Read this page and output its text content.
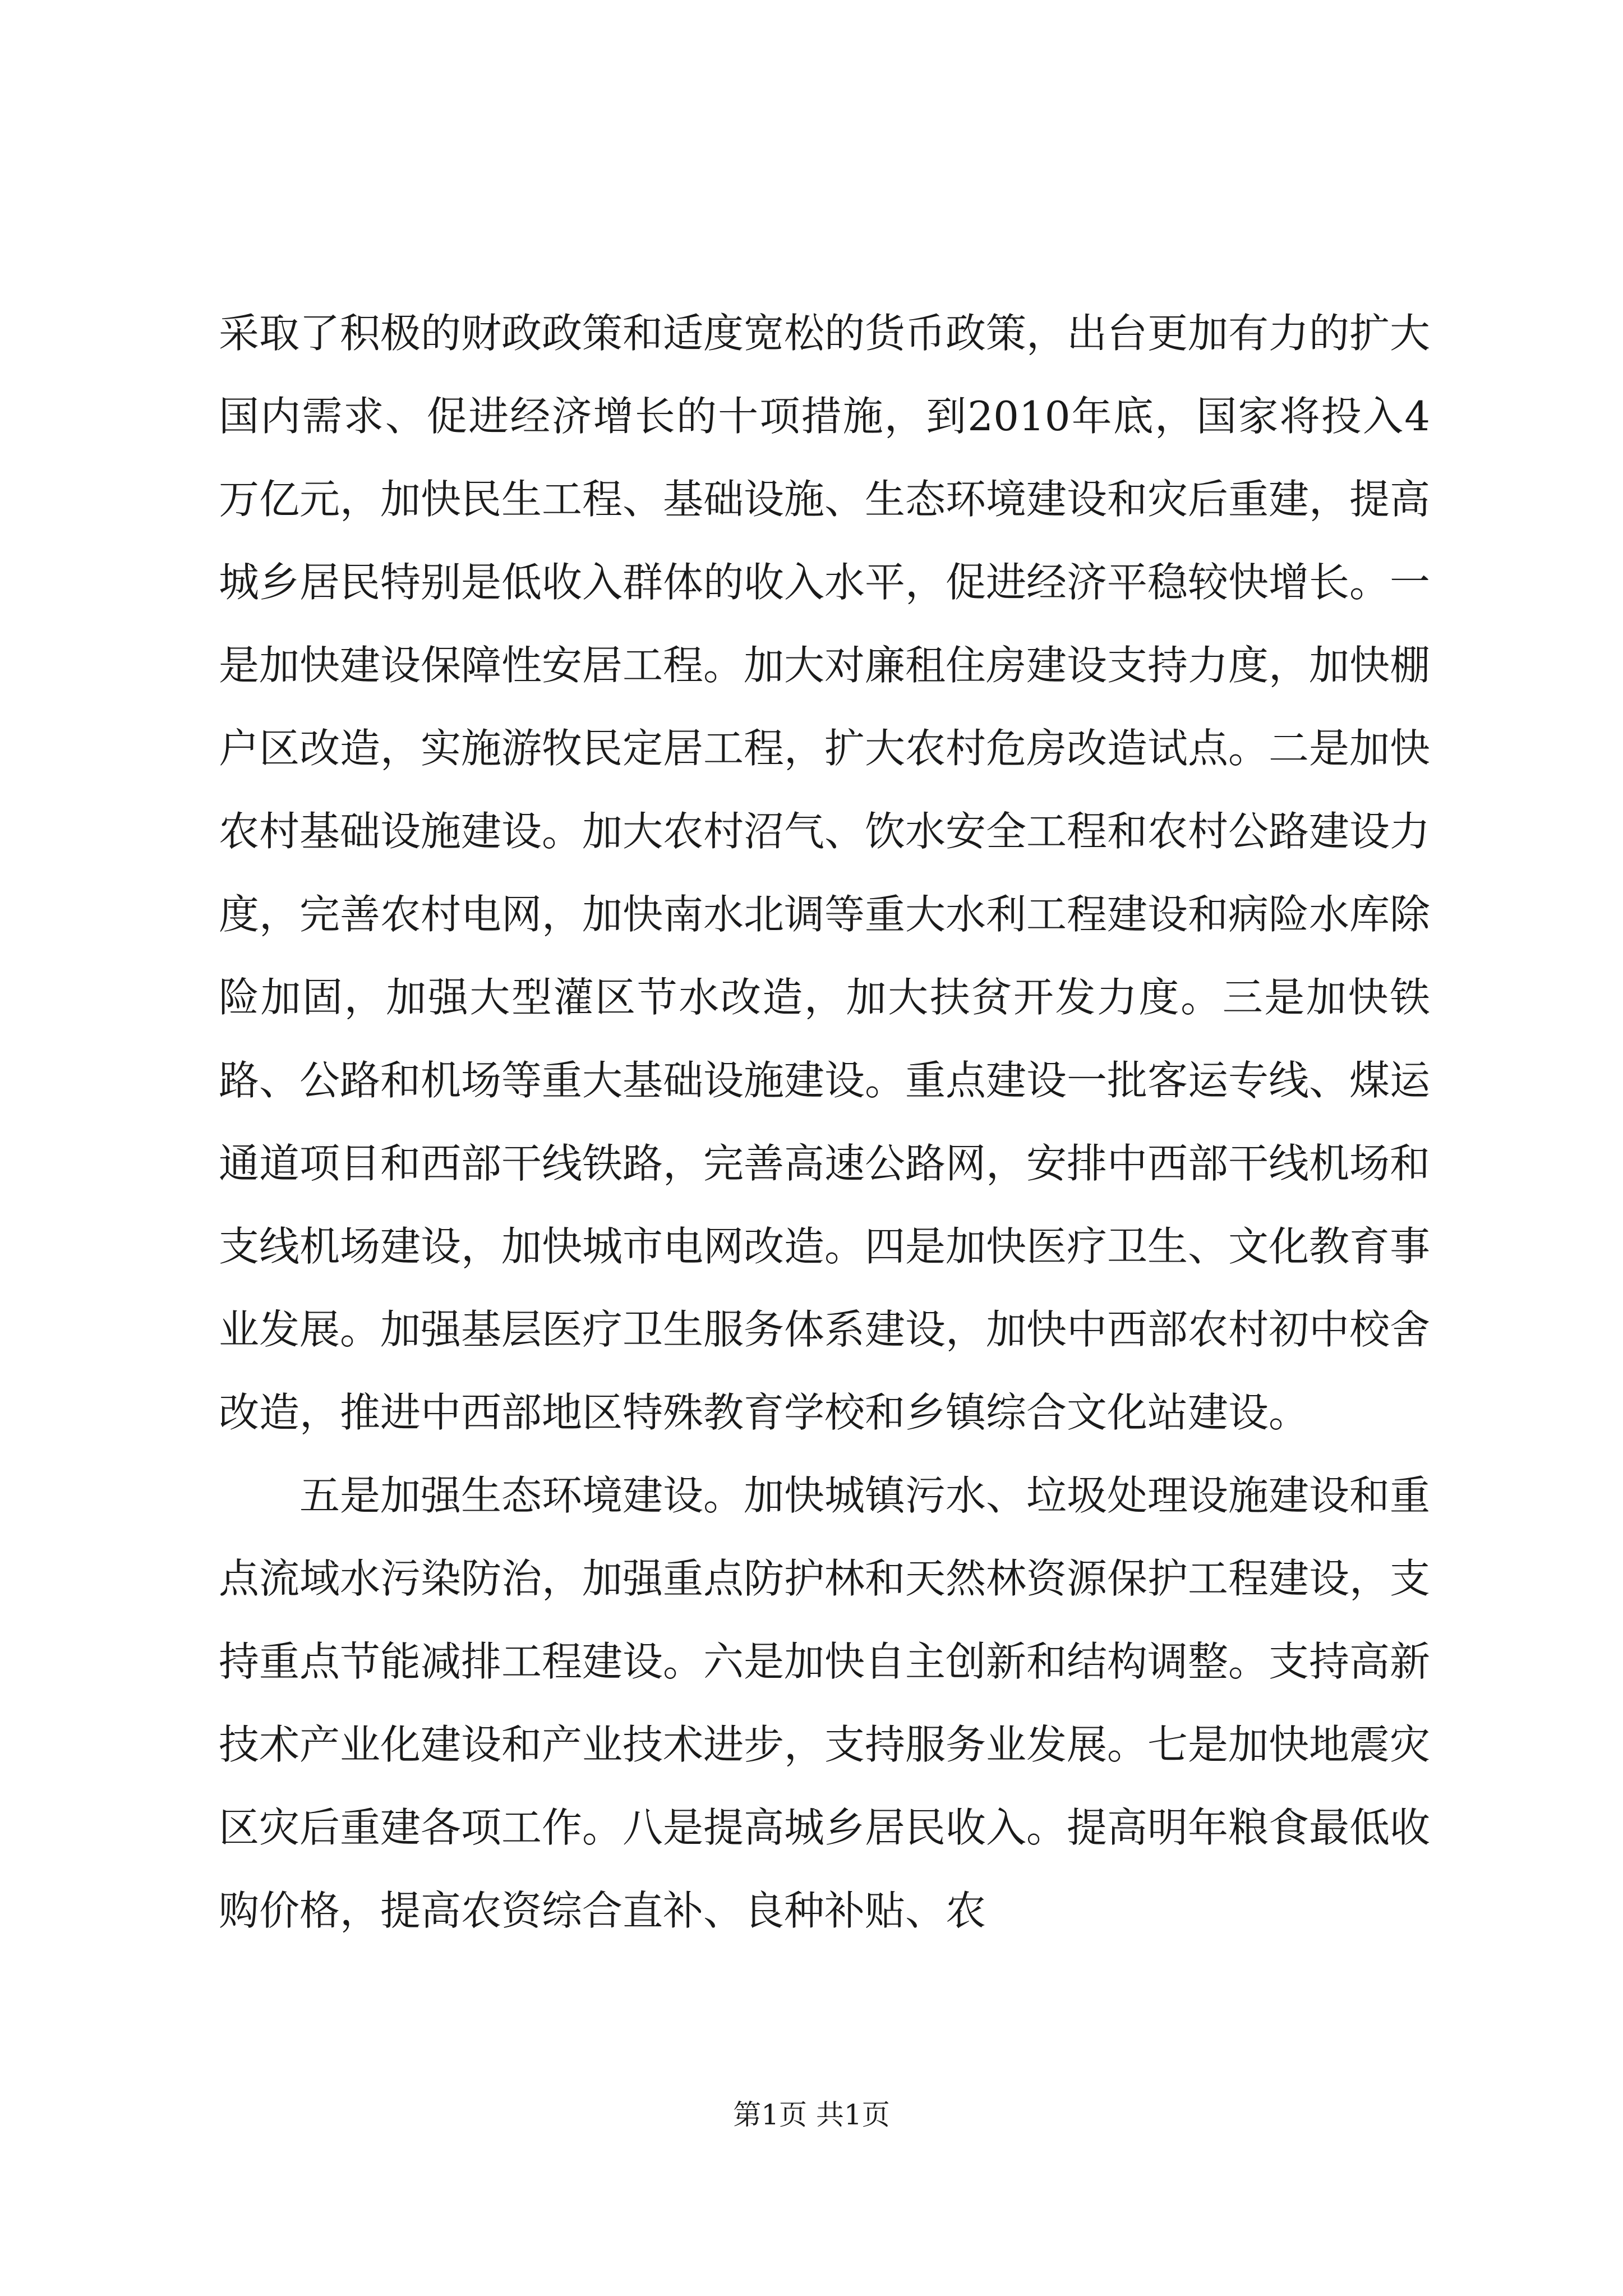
采取了积极的财政政策和适度宽松的货币政策，出台更加有力的扩大国内需求、促进经济增长的十项措施，到2010年底，国家将投入4万亿元，加快民生工程、基础设施、生态环境建设和灾后重建，提高城乡居民特别是低收入群体的收入水平，促进经济平稳较快增长。一是加快建设保障性安居工程。加大对廉租住房建设支持力度，加快棚户区改造，实施游牧民定居工程，扩大农村危房改造试点。二是加快农村基础设施建设。加大农村沼气、饮水安全工程和农村公路建设力度，完善农村电网，加快南水北调等重大水利工程建设和病险水库除险加固，加强大型灌区节水改造，加大扶贫开发力度。三是加快铁路、公路和机场等重大基础设施建设。重点建设一批客运专线、煤运通道项目和西部干线铁路，完善高速公路网，安排中西部干线机场和支线机场建设，加快城市电网改造。四是加快医疗卫生、文化教育事业发展。加强基层医疗卫生服务体系建设，加快中西部农村初中校舍改造，推进中西部地区特殊教育学校和乡镇综合文化站建设。

五是加强生态环境建设。加快城镇污水、垃圾处理设施建设和重点流域水污染防治，加强重点防护林和天然林资源保护工程建设，支持重点节能减排工程建设。六是加快自主创新和结构调整。支持高新技术产业化建设和产业技术进步，支持服务业发展。七是加快地震灾区灾后重建各项工作。八是提高城乡居民收入。提高明年粮食最低收购价格，提高农资综合直补、良种补贴、农

第1页 共1页
